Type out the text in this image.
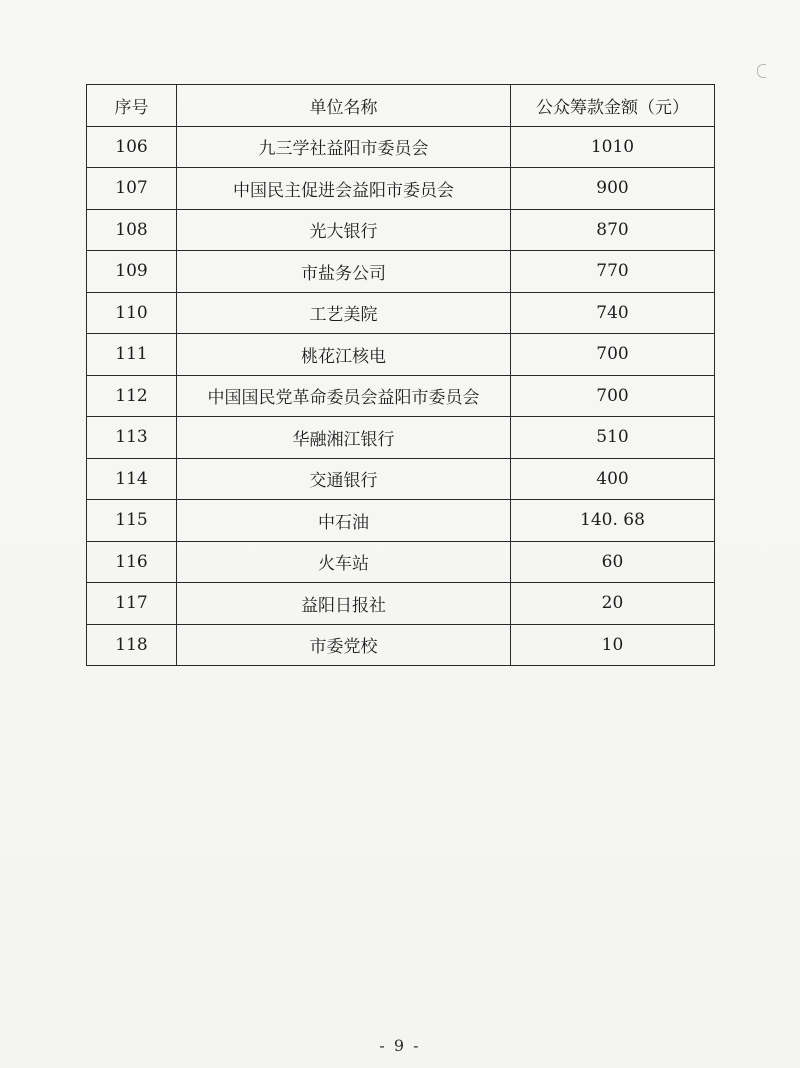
序号	单位名称	公众筹款金额（元）
106	九三学社益阳市委员会	1010
107	中国民主促进会益阳市委员会	900
108	光大银行	870
109	市盐务公司	770
110	工艺美院	740
111	桃花江核电	700
112	中国国民党革命委员会益阳市委员会	700
113	华融湘江银行	510
114	交通银行	400
115	中石油	140. 68
116	火车站	60
117	益阳日报社	20
118	市委党校	10
- 9 -
